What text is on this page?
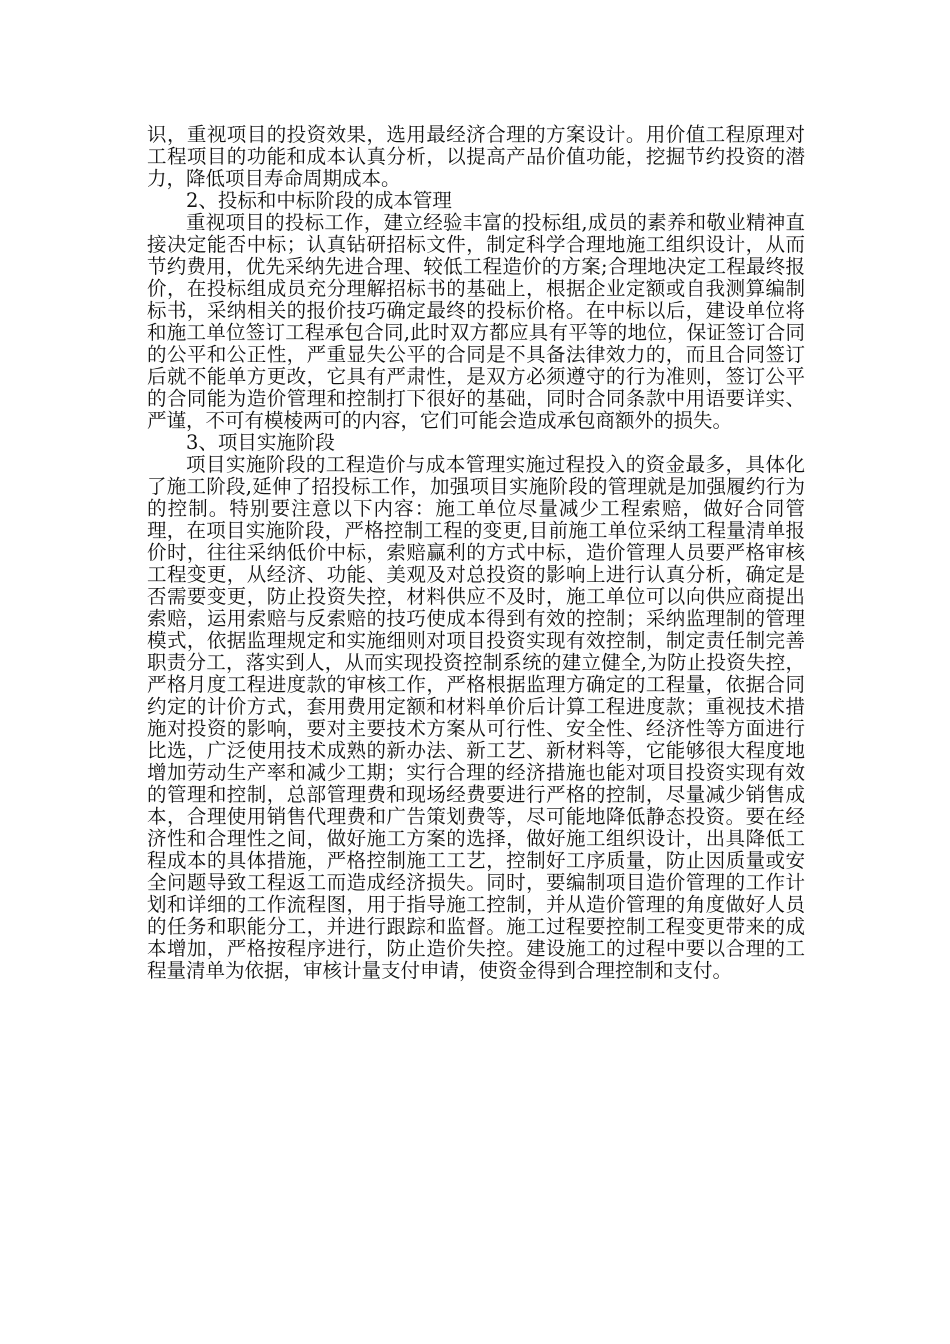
识，重视项目的投资效果，选用最经济合理的方案设计。用价值工程原理对工程项目的功能和成本认真分析，以提高产品价值功能，挖掘节约投资的潜力，降低项目寿命周期成本。

2、投标和中标阶段的成本管理

重视项目的投标工作，建立经验丰富的投标组,成员的素养和敬业精神直接决定能否中标；认真钻研招标文件，制定科学合理地施工组织设计，从而节约费用，优先采纳先进合理、较低工程造价的方案;合理地决定工程最终报价，在投标组成员充分理解招标书的基础上，根据企业定额或自我测算编制标书，采纳相关的报价技巧确定最终的投标价格。在中标以后，建设单位将和施工单位签订工程承包合同,此时双方都应具有平等的地位，保证签订合同的公平和公正性，严重显失公平的合同是不具备法律效力的，而且合同签订后就不能单方更改，它具有严肃性，是双方必须遵守的行为准则，签订公平的合同能为造价管理和控制打下很好的基础，同时合同条款中用语要详实、严谨，不可有模棱两可的内容，它们可能会造成承包商额外的损失。

3、项目实施阶段

项目实施阶段的工程造价与成本管理实施过程投入的资金最多，具体化了施工阶段,延伸了招投标工作，加强项目实施阶段的管理就是加强履约行为的控制。特别要注意以下内容：施工单位尽量减少工程索赔，做好合同管理，在项目实施阶段，严格控制工程的变更,目前施工单位采纳工程量清单报价时，往往采纳低价中标，索赔赢利的方式中标，造价管理人员要严格审核工程变更，从经济、功能、美观及对总投资的影响上进行认真分析，确定是否需要变更，防止投资失控，材料供应不及时，施工单位可以向供应商提出索赔，运用索赔与反索赔的技巧使成本得到有效的控制；采纳监理制的管理模式，依据监理规定和实施细则对项目投资实现有效控制，制定责任制完善职责分工，落实到人，从而实现投资控制系统的建立健全,为防止投资失控，严格月度工程进度款的审核工作，严格根据监理方确定的工程量，依据合同约定的计价方式，套用费用定额和材料单价后计算工程进度款；重视技术措施对投资的影响，要对主要技术方案从可行性、安全性、经济性等方面进行比选，广泛使用技术成熟的新办法、新工艺、新材料等，它能够很大程度地增加劳动生产率和减少工期；实行合理的经济措施也能对项目投资实现有效的管理和控制，总部管理费和现场经费要进行严格的控制，尽量减少销售成本，合理使用销售代理费和广告策划费等，尽可能地降低静态投资。要在经济性和合理性之间，做好施工方案的选择，做好施工组织设计，出具降低工程成本的具体措施，严格控制施工工艺，控制好工序质量，防止因质量或安全问题导致工程返工而造成经济损失。同时，要编制项目造价管理的工作计划和详细的工作流程图，用于指导施工控制，并从造价管理的角度做好人员的任务和职能分工，并进行跟踪和监督。施工过程要控制工程变更带来的成本增加，严格按程序进行，防止造价失控。建设施工的过程中要以合理的工程量清单为依据，审核计量支付申请，使资金得到合理控制和支付。
